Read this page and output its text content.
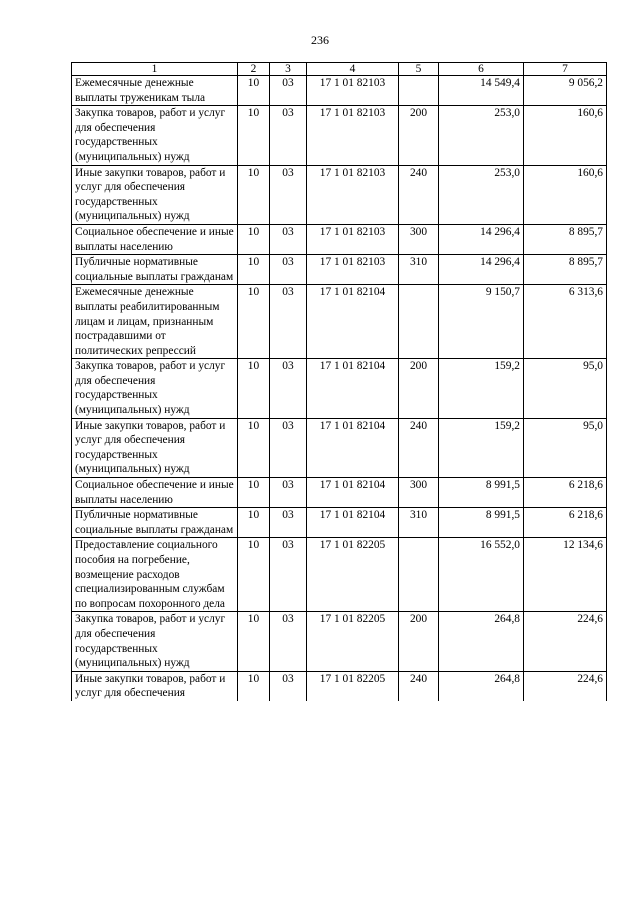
236
1	2	3	4	5	6	7
Ежемесячные денежные выплаты труженикам тыла	10	03	17 1 01 82103		14 549,4	9 056,2
Закупка товаров, работ и услуг для обеспечения государственных (муниципальных) нужд	10	03	17 1 01 82103	200	253,0	160,6
Иные закупки товаров, работ и услуг для обеспечения государственных (муниципальных) нужд	10	03	17 1 01 82103	240	253,0	160,6
Социальное обеспечение и иные выплаты населению	10	03	17 1 01 82103	300	14 296,4	8 895,7
Публичные нормативные социальные выплаты гражданам	10	03	17 1 01 82103	310	14 296,4	8 895,7
Ежемесячные денежные выплаты реабилитированным лицам и лицам, признанным пострадавшими от политических репрессий	10	03	17 1 01 82104		9 150,7	6 313,6
Закупка товаров, работ и услуг для обеспечения государственных (муниципальных) нужд	10	03	17 1 01 82104	200	159,2	95,0
Иные закупки товаров, работ и услуг для обеспечения государственных (муниципальных) нужд	10	03	17 1 01 82104	240	159,2	95,0
Социальное обеспечение и иные выплаты населению	10	03	17 1 01 82104	300	8 991,5	6 218,6
Публичные нормативные социальные выплаты гражданам	10	03	17 1 01 82104	310	8 991,5	6 218,6
Предоставление социального пособия на погребение, возмещение расходов специализированным службам по вопросам похоронного дела	10	03	17 1 01 82205		16 552,0	12 134,6
Закупка товаров, работ и услуг для обеспечения государственных (муниципальных) нужд	10	03	17 1 01 82205	200	264,8	224,6
Иные закупки товаров, работ и услуг для обеспечения	10	03	17 1 01 82205	240	264,8	224,6
